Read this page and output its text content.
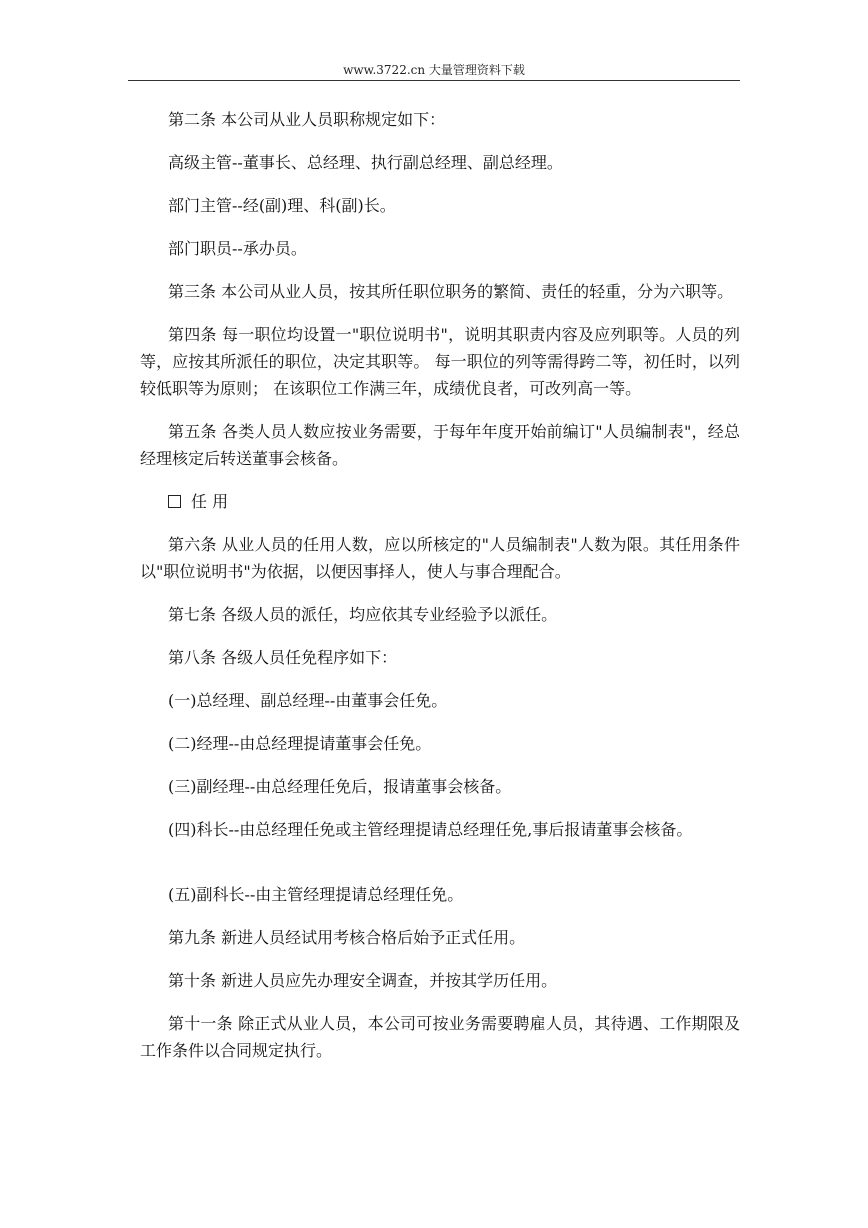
www.3722.cn 大量管理资料下载

第二条 本公司从业人员职称规定如下：

高级主管--董事长、总经理、执行副总经理、副总经理。

部门主管--经(副)理、科(副)长。

部门职员--承办员。

第三条 本公司从业人员，按其所任职位职务的繁简、责任的轻重，分为六职等。

第四条 每一职位均设置一"职位说明书"，说明其职责内容及应列职等。人员的列等，应按其所派任的职位，决定其职等。 每一职位的列等需得跨二等，初任时，以列较低职等为原则； 在该职位工作满三年，成绩优良者，可改列高一等。

第五条 各类人员人数应按业务需要，于每年年度开始前编订"人员编制表"，经总经理核定后转送董事会核备。

任 用

第六条 从业人员的任用人数，应以所核定的"人员编制表"人数为限。其任用条件以"职位说明书"为依据，以便因事择人，使人与事合理配合。

第七条 各级人员的派任，均应依其专业经验予以派任。

第八条 各级人员任免程序如下：

(一)总经理、副总经理--由董事会任免。

(二)经理--由总经理提请董事会任免。

(三)副经理--由总经理任免后，报请董事会核备。

(四)科长--由总经理任免或主管经理提请总经理任免,事后报请董事会核备。

(五)副科长--由主管经理提请总经理任免。

第九条 新进人员经试用考核合格后始予正式任用。

第十条 新进人员应先办理安全调查，并按其学历任用。

第十一条 除正式从业人员，本公司可按业务需要聘雇人员，其待遇、工作期限及工作条件以合同规定执行。
